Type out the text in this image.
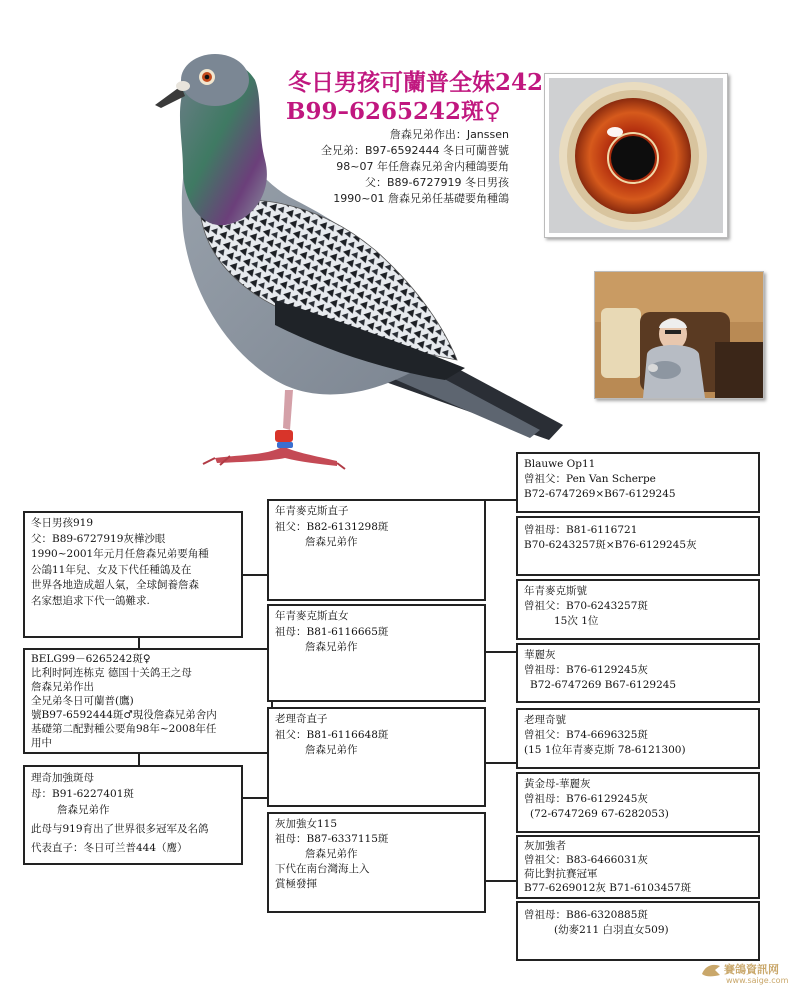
冬日男孩可蘭普全妹242
B99–6265242斑♀
詹森兄弟作出：Janssen
全兄弟：B97-6592444 冬日可蘭普號
98~07 年任詹森兄弟舍内種鴿要角
父：B89-6727919 冬日男孩
1990~01 詹森兄弟任基礎要角種鴿
冬日男孩919
父：B89-6727919灰樺沙眼
1990~2001年元月任詹森兄弟要角種
公鴿11年兒、女及下代任種鴿及在
世界各地造成超人氣，全球飼養詹森
名家想追求下代一鴿難求.
BELG99－6265242斑♀
比利时阿连栋克 德国十关鸽王之母
詹森兄弟作出
全兄弟冬日可蘭普(鷹)
號B97-6592444斑♂現役詹森兄弟舍内
基礎第二配對種公要角98年~2008年任
用中
理奇加強斑母
母：B91-6227401斑
詹森兄弟作
此母与919育出了世界很多冠军及名鸽
代表直子：冬日可兰普444（鹰）
年青麥克斯直子
祖父：B82-6131298斑
詹森兄弟作
年青麥克斯直女
祖母：B81-6116665斑
詹森兄弟作
老理奇直子
祖父：B81-6116648斑
詹森兄弟作
灰加強女115
祖母：B87-6337115斑
詹森兄弟作
下代在南台灣海上入
賞極發揮
Blauwe Op11
曾祖父：Pen Van Scherpe
B72-6747269×B67-6129245
曾祖母：B81-6116721
B70-6243257斑×B76-6129245灰
年青麥克斯號
曾祖父：B70-6243257斑
15次 1位
華麗灰
曾祖母：B76-6129245灰
B72-6747269 B67-6129245
老理奇號
曾祖父：B74-6696325斑
(15 1位年青麥克斯 78-6121300)
黃金母-華麗灰
曾祖母：B76-6129245灰
(72-6747269 67-6282053)
灰加強者
曾祖父：B83-6466031灰
荷比對抗賽冠軍
B77-6269012灰 B71-6103457斑
曾祖母：B86-6320885斑
(幼麥211 白羽直女509)
賽鴿資訊网
www.saige.com
